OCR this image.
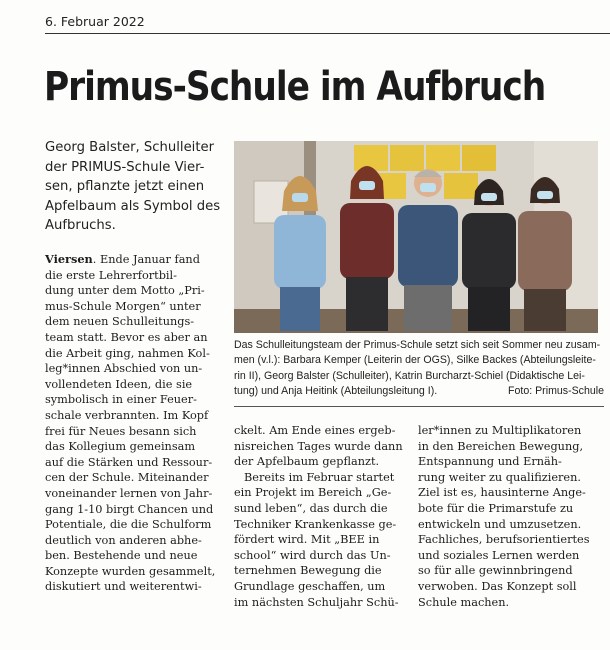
6. Februar 2022
Primus-Schule im Aufbruch
Georg Balster, Schulleiter
der PRIMUS-Schule Vier-
sen, pflanzte jetzt einen
Apfelbaum als Symbol des
Aufbruchs.
Viersen. Ende Januar fand
die erste Lehrerfortbil-
dung unter dem Motto „Pri-
mus-Schule Morgen“ unter
dem neuen Schulleitungs-
team statt. Bevor es aber an
die Arbeit ging, nahmen Kol-
leg*innen Abschied von un-
vollendeten Ideen, die sie
symbolisch in einer Feuer-
schale verbrannten. Im Kopf
frei für Neues besann sich
das Kollegium gemeinsam
auf die Stärken und Ressour-
cen der Schule. Miteinander
voneinander lernen von Jahr-
gang 1-10 birgt Chancen und
Potentiale, die die Schulform
deutlich von anderen abhe-
ben. Bestehende und neue
Konzepte wurden gesammelt,
diskutiert und weiterentwi-
Das Schulleitungsteam der Primus-Schule setzt sich seit Sommer neu zusam-
men (v.l.): Barbara Kemper (Leiterin der OGS), Silke Backes (Abteilungsleite-
rin II), Georg Balster (Schulleiter), Katrin Burcharzt-Schiel (Didaktische Lei-
tung) und Anja Heitink (Abteilungsleitung I).	Foto: Primus-Schule
ckelt. Am Ende eines ergeb-
nisreichen Tages wurde dann
der Apfelbaum gepflanzt.
Bereits im Februar startet
ein Projekt im Bereich „Ge-
sund leben“, das durch die
Techniker Krankenkasse ge-
fördert wird. Mit „BEE in
school“ wird durch das Un-
ternehmen Bewegung die
Grundlage geschaffen, um
im nächsten Schuljahr Schü-
ler*innen zu Multiplikatoren
in den Bereichen Bewegung,
Entspannung und Ernäh-
rung weiter zu qualifizieren.
Ziel ist es, hausinterne Ange-
bote für die Primarstufe zu
entwickeln und umzusetzen.
Fachliches, berufsorientiertes
und soziales Lernen werden
so für alle gewinnbringend
verwoben. Das Konzept soll
Schule machen.
